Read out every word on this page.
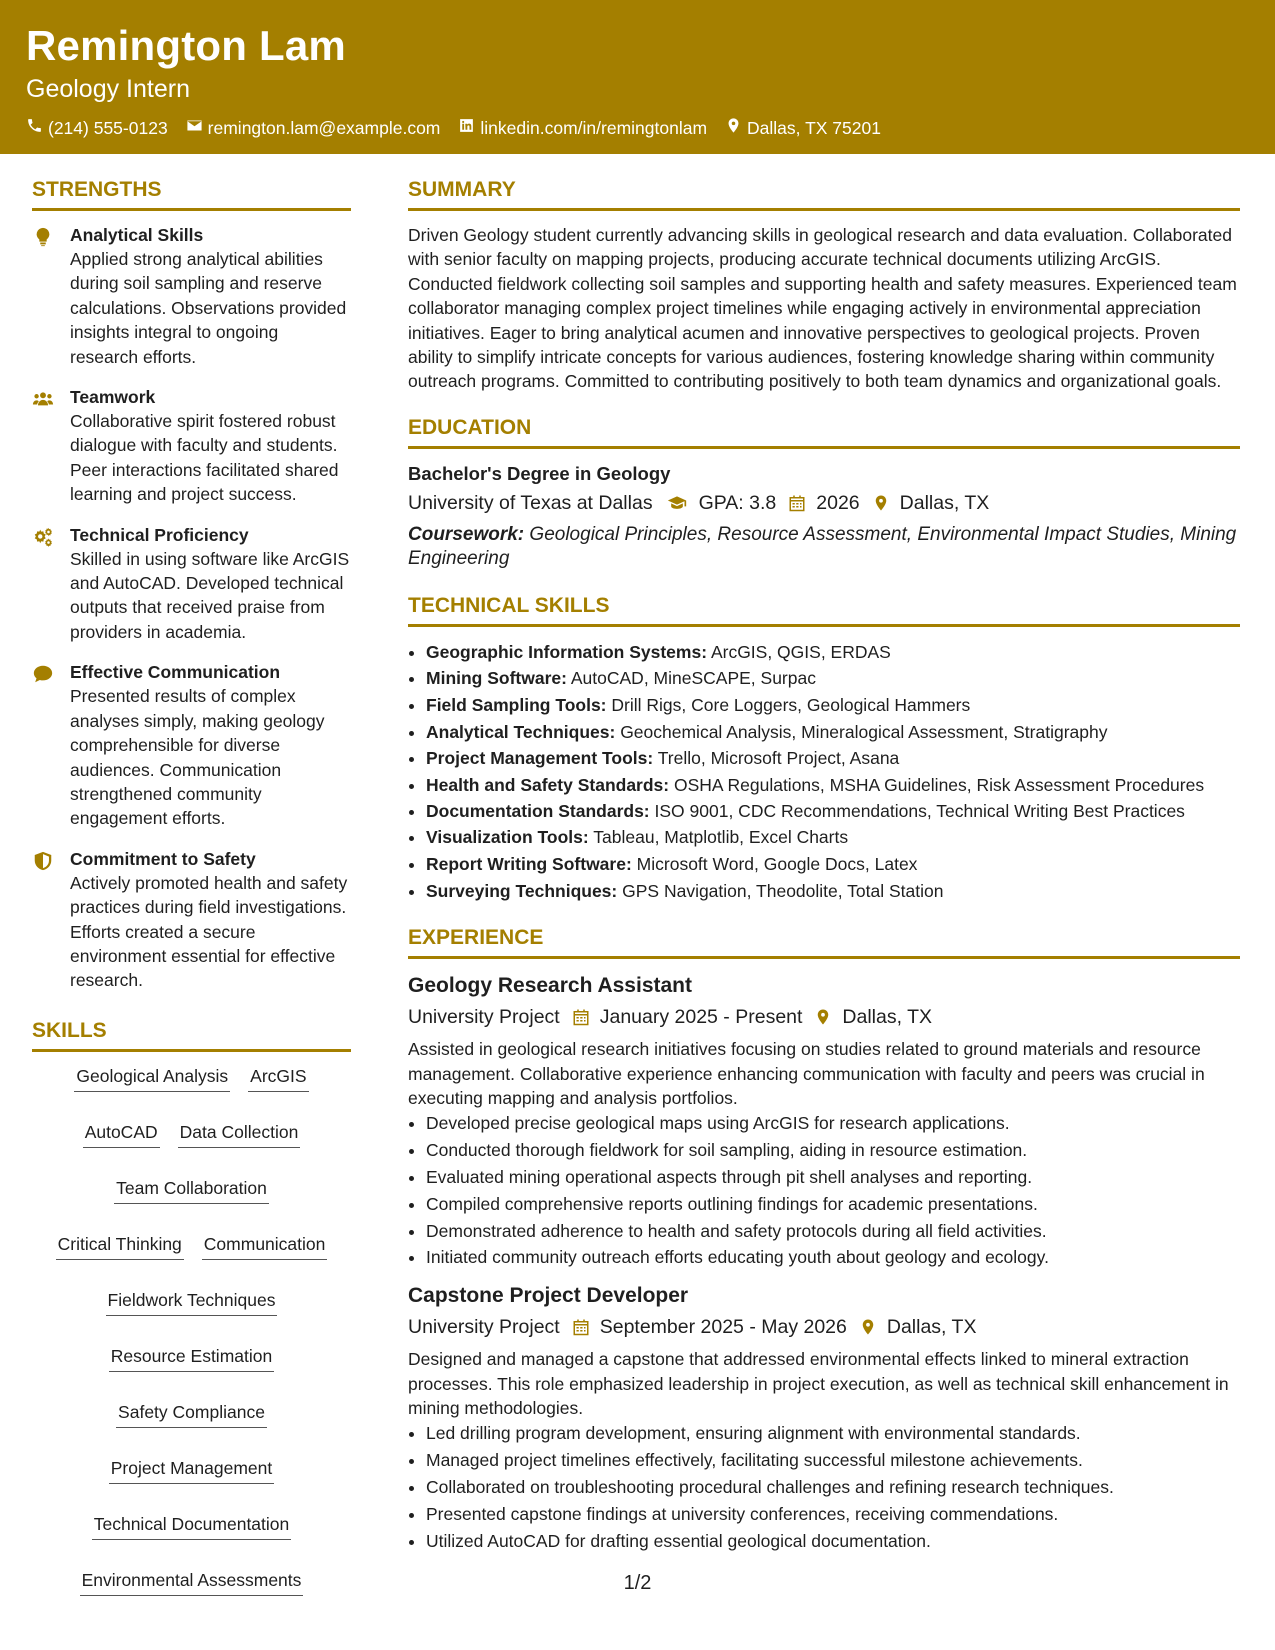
Remington Lam
Geology Intern
(214) 555-0123 remington.lam@example.com linkedin.com/in/remingtonlam Dallas, TX 75201
STRENGTHS
Analytical Skills
Applied strong analytical abilities during soil sampling and reserve calculations. Observations provided insights integral to ongoing research efforts.
Teamwork
Collaborative spirit fostered robust dialogue with faculty and students. Peer interactions facilitated shared learning and project success.
Technical Proficiency
Skilled in using software like ArcGIS and AutoCAD. Developed technical outputs that received praise from providers in academia.
Effective Communication
Presented results of complex analyses simply, making geology comprehensible for diverse audiences. Communication strengthened community engagement efforts.
Commitment to Safety
Actively promoted health and safety practices during field investigations. Efforts created a secure environment essential for effective research.
SKILLS
Geological Analysis ArcGIS
AutoCAD Data Collection
Team Collaboration
Critical Thinking Communication
Fieldwork Techniques
Resource Estimation
Safety Compliance
Project Management
Technical Documentation
Environmental Assessments
SUMMARY
Driven Geology student currently advancing skills in geological research and data evaluation. Collaborated with senior faculty on mapping projects, producing accurate technical documents utilizing ArcGIS. Conducted fieldwork collecting soil samples and supporting health and safety measures. Experienced team collaborator managing complex project timelines while engaging actively in environmental appreciation initiatives. Eager to bring analytical acumen and innovative perspectives to geological projects. Proven ability to simplify intricate concepts for various audiences, fostering knowledge sharing within community outreach programs. Committed to contributing positively to both team dynamics and organizational goals.
EDUCATION
Bachelor's Degree in Geology
University of Texas at Dallas GPA: 3.8 2026 Dallas, TX
Coursework: Geological Principles, Resource Assessment, Environmental Impact Studies, Mining Engineering
TECHNICAL SKILLS
• Geographic Information Systems: ArcGIS, QGIS, ERDAS
• Mining Software: AutoCAD, MineSCAPE, Surpac
• Field Sampling Tools: Drill Rigs, Core Loggers, Geological Hammers
• Analytical Techniques: Geochemical Analysis, Mineralogical Assessment, Stratigraphy
• Project Management Tools: Trello, Microsoft Project, Asana
• Health and Safety Standards: OSHA Regulations, MSHA Guidelines, Risk Assessment Procedures
• Documentation Standards: ISO 9001, CDC Recommendations, Technical Writing Best Practices
• Visualization Tools: Tableau, Matplotlib, Excel Charts
• Report Writing Software: Microsoft Word, Google Docs, Latex
• Surveying Techniques: GPS Navigation, Theodolite, Total Station
EXPERIENCE
Geology Research Assistant
University Project January 2025 - Present Dallas, TX
Assisted in geological research initiatives focusing on studies related to ground materials and resource management. Collaborative experience enhancing communication with faculty and peers was crucial in executing mapping and analysis portfolios.
• Developed precise geological maps using ArcGIS for research applications.
• Conducted thorough fieldwork for soil sampling, aiding in resource estimation.
• Evaluated mining operational aspects through pit shell analyses and reporting.
• Compiled comprehensive reports outlining findings for academic presentations.
• Demonstrated adherence to health and safety protocols during all field activities.
• Initiated community outreach efforts educating youth about geology and ecology.
Capstone Project Developer
University Project September 2025 - May 2026 Dallas, TX
Designed and managed a capstone that addressed environmental effects linked to mineral extraction processes. This role emphasized leadership in project execution, as well as technical skill enhancement in mining methodologies.
• Led drilling program development, ensuring alignment with environmental standards.
• Managed project timelines effectively, facilitating successful milestone achievements.
• Collaborated on troubleshooting procedural challenges and refining research techniques.
• Presented capstone findings at university conferences, receiving commendations.
• Utilized AutoCAD for drafting essential geological documentation.
1/2
